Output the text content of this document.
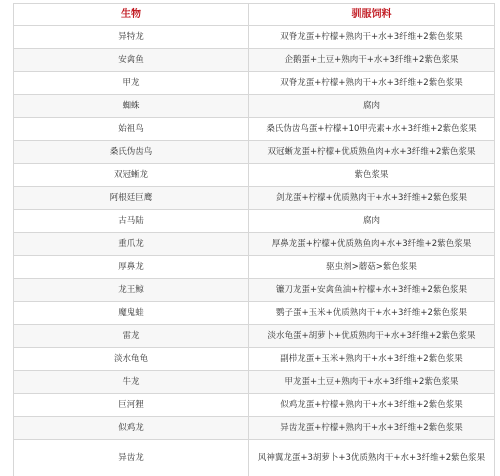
生物	驯服饲料
异特龙	双脊龙蛋+柠檬+熟肉干+水+3纤维+2紫色浆果
安禽鱼	企鹅蛋+土豆+熟肉干+水+3纤维+2紫色浆果
甲龙	双脊龙蛋+柠檬+熟肉干+水+3纤维+2紫色浆果
蜘蛛	腐肉
始祖鸟	桑氏伪齿鸟蛋+柠檬+10甲壳素+水+3纤维+2紫色浆果
桑氏伪齿鸟	双冠蜥龙蛋+柠檬+优质熟鱼肉+水+3纤维+2紫色浆果
双冠蜥龙	紫色浆果
阿根廷巨鹰	剑龙蛋+柠檬+优质熟肉干+水+3纤维+2紫色浆果
古马陆	腐肉
重爪龙	厚鼻龙蛋+柠檬+优质熟鱼肉+水+3纤维+2紫色浆果
厚鼻龙	驱虫剂>蘑菇>紫色浆果
龙王鲸	镰刀龙蛋+安禽鱼油+柠檬+水+3纤维+2紫色浆果
魔鬼蛙	鹦子蛋+玉米+优质熟肉干+水+3纤维+2紫色浆果
雷龙	淡水龟蛋+胡萝卜+优质熟肉干+水+3纤维+2紫色浆果
淡水龟龟	副栉龙蛋+玉米+熟肉干+水+3纤维+2紫色浆果
牛龙	甲龙蛋+土豆+熟肉干+水+3纤维+2紫色浆果
巨河狸	似鸡龙蛋+柠檬+熟肉干+水+3纤维+2紫色浆果
似鸡龙	异齿龙蛋+柠檬+熟肉干+水+3纤维+2紫色浆果
异齿龙	风神翼龙蛋+3胡萝卜+3优质熟肉干+水+3纤维+2紫色浆果
